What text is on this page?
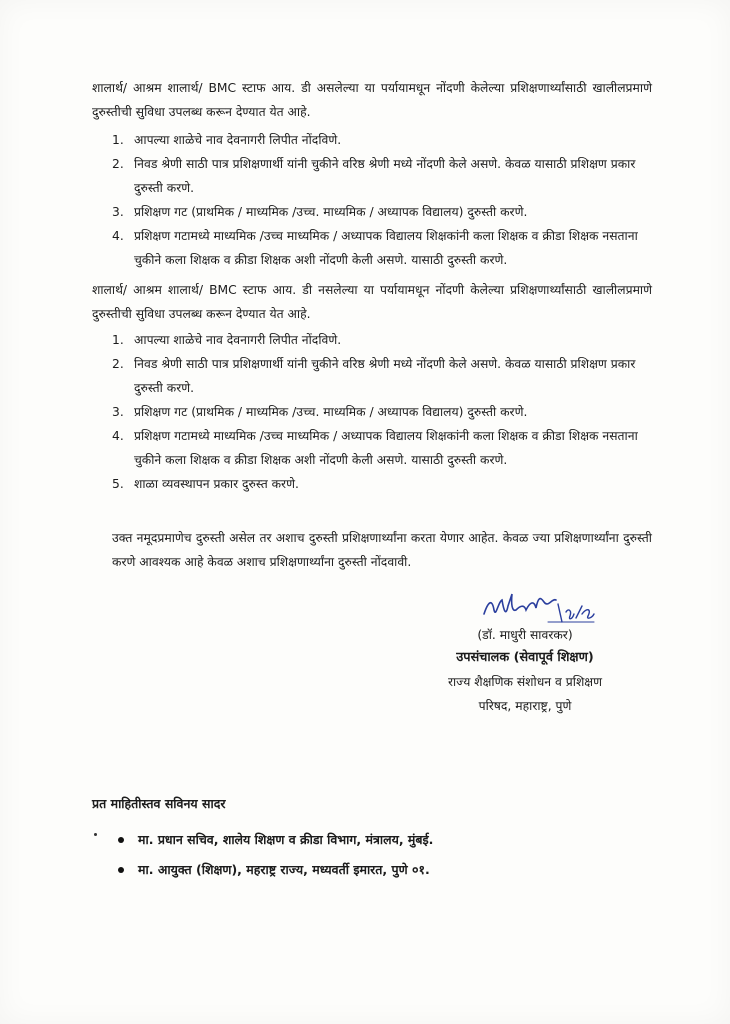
शालार्थ/ आश्रम शालार्थ/ BMC स्टाफ आय. डी असलेल्या या पर्यायामधून नोंदणी केलेल्या प्रशिक्षणार्थ्यांसाठी खालीलप्रमाणे दुरुस्तीची सुविधा उपलब्ध करून देण्यात येत आहे.
1. आपल्या शाळेचे नाव देवनागरी लिपीत नोंदविणे.
2. निवड श्रेणी साठी पात्र प्रशिक्षणार्थी यांनी चुकीने वरिष्ठ श्रेणी मध्ये नोंदणी केले असणे. केवळ यासाठी प्रशिक्षण प्रकार दुरुस्ती करणे.
3. प्रशिक्षण गट (प्राथमिक / माध्यमिक /उच्च. माध्यमिक / अध्यापक विद्यालय) दुरुस्ती करणे.
4. प्रशिक्षण गटामध्ये माध्यमिक /उच्च माध्यमिक / अध्यापक विद्यालय शिक्षकांनी कला शिक्षक व क्रीडा शिक्षक नसताना चुकीने कला शिक्षक व क्रीडा शिक्षक अशी नोंदणी केली असणे. यासाठी दुरुस्ती करणे.
शालार्थ/ आश्रम शालार्थ/ BMC स्टाफ आय. डी नसलेल्या या पर्यायामधून नोंदणी केलेल्या प्रशिक्षणार्थ्यांसाठी खालीलप्रमाणे दुरुस्तीची सुविधा उपलब्ध करून देण्यात येत आहे.
1. आपल्या शाळेचे नाव देवनागरी लिपीत नोंदविणे.
2. निवड श्रेणी साठी पात्र प्रशिक्षणार्थी यांनी चुकीने वरिष्ठ श्रेणी मध्ये नोंदणी केले असणे. केवळ यासाठी प्रशिक्षण प्रकार दुरुस्ती करणे.
3. प्रशिक्षण गट (प्राथमिक / माध्यमिक /उच्च. माध्यमिक / अध्यापक विद्यालय) दुरुस्ती करणे.
4. प्रशिक्षण गटामध्ये माध्यमिक /उच्च माध्यमिक / अध्यापक विद्यालय शिक्षकांनी कला शिक्षक व क्रीडा शिक्षक नसताना चुकीने कला शिक्षक व क्रीडा शिक्षक अशी नोंदणी केली असणे. यासाठी दुरुस्ती करणे.
5. शाळा व्यवस्थापन प्रकार दुरुस्त करणे.
उक्त नमूदप्रमाणेच दुरुस्ती असेल तर अशाच दुरुस्ती प्रशिक्षणार्थ्यांना करता येणार आहेत. केवळ ज्या प्रशिक्षणार्थ्यांना दुरुस्ती करणे आवश्यक आहे केवळ अशाच प्रशिक्षणार्थ्यांना दुरुस्ती नोंदवावी.
(डॉ. माधुरी सावरकर)
उपसंचालक (सेवापूर्व शिक्षण)
राज्य शैक्षणिक संशोधन व प्रशिक्षण
परिषद, महाराष्ट्र, पुणे
प्रत माहितीस्तव सविनय सादर
मा. प्रधान सचिव, शालेय शिक्षण व क्रीडा विभाग, मंत्रालय, मुंबई.
मा. आयुक्त (शिक्षण), महराष्ट्र राज्य, मध्यवर्ती इमारत, पुणे ०१.
